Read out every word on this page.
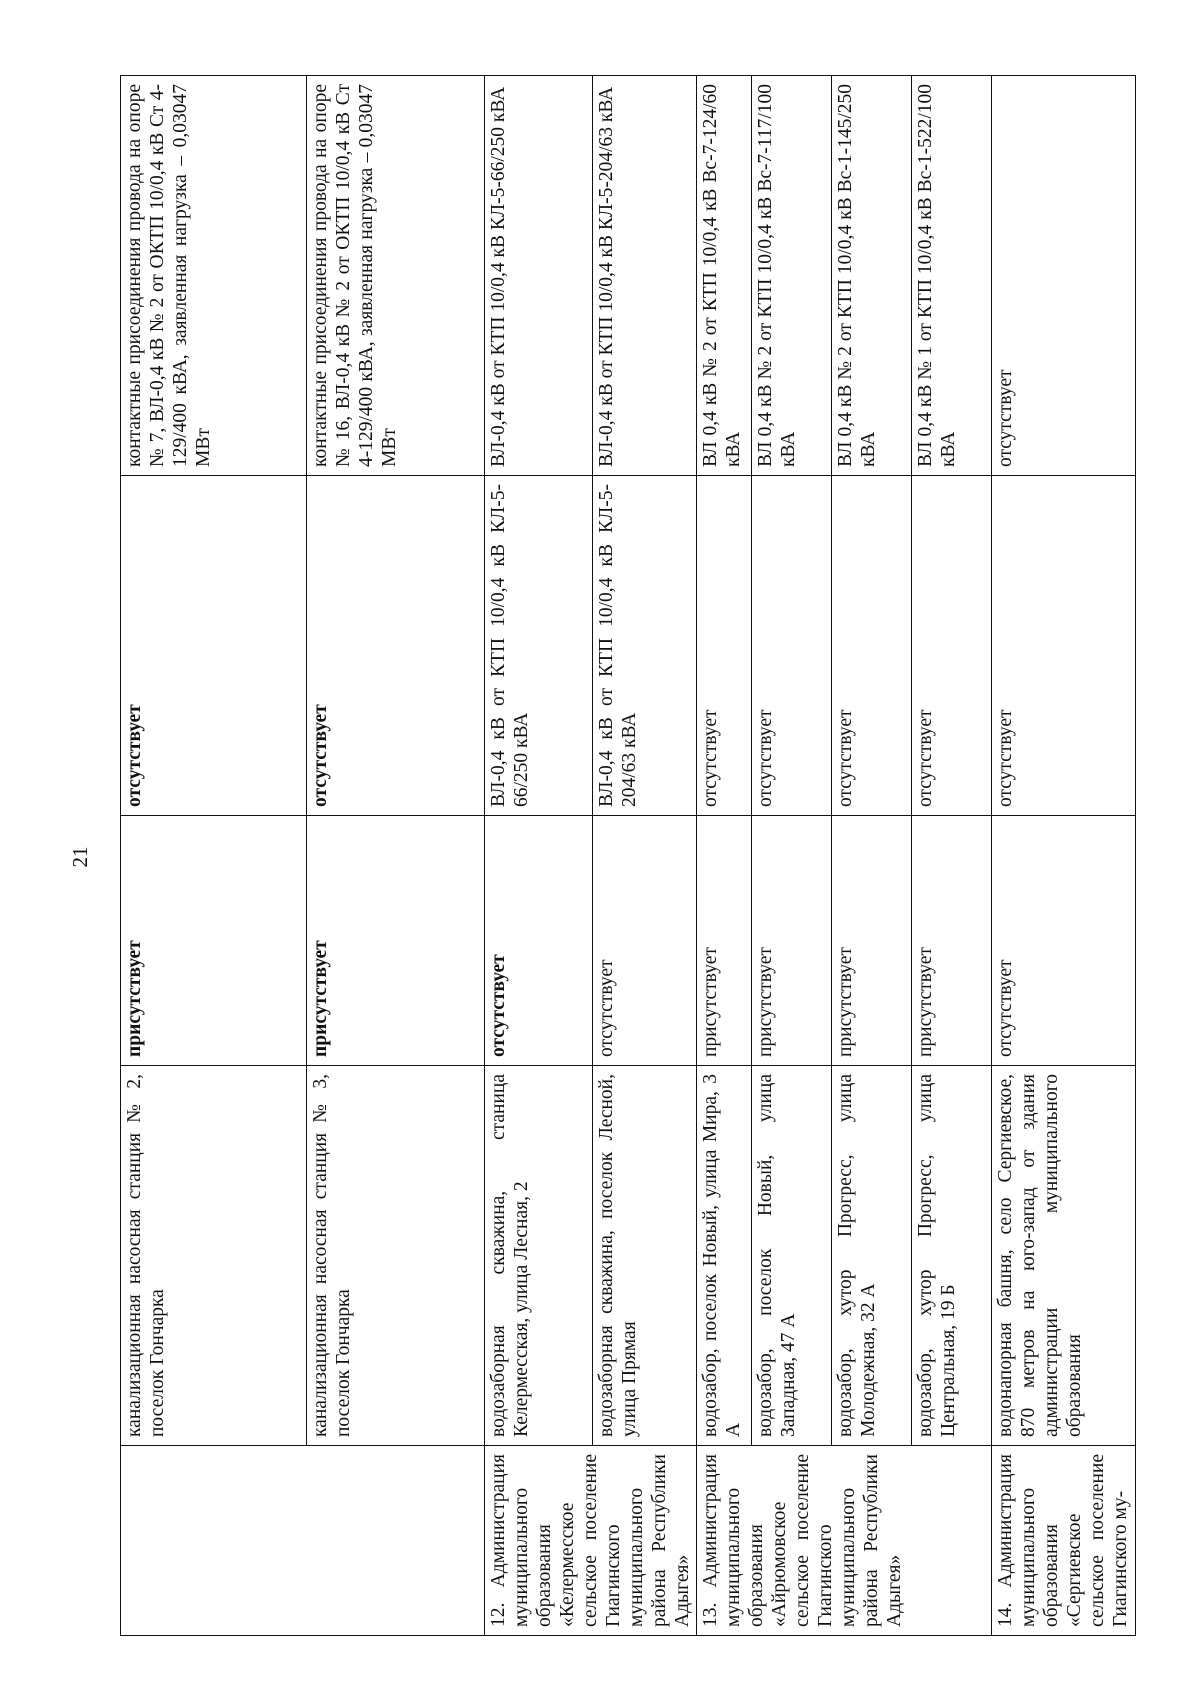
21
	канализационная насосная станция № 2, поселок Гончарка	присутствует	отсутствует	контактные присоединения провода на опоре № 7, ВЛ-0,4 кВ № 2 от ОКТП 10/0,4 кВ Ст 4-129/400 кВА, заявленная нагрузка – 0,03047 МВт
	канализационная насосная станция № 3, поселок Гончарка	присутствует	отсутствует	контактные присоединения провода на опоре № 16, ВЛ-0,4 кВ № 2 от ОКТП 10/0,4 кВ Ст 4-129/400 кВА, заявленная нагрузка – 0,03047 МВт
12. Администрация муниципального образования «Келермесское сельское поселение Гиагинского муниципального района Республики Адыгея»	водозаборная скважина, станица Келермесская, улица Лесная, 2	отсутствует	ВЛ-0,4 кВ от КТП 10/0,4 кВ КЛ-5-66/250 кВА	ВЛ-0,4 кВ от КТП 10/0,4 кВ КЛ-5-66/250 кВА
	водозаборная скважина, поселок Лесной, улица Прямая	отсутствует	ВЛ-0,4 кВ от КТП 10/0,4 кВ КЛ-5-204/63 кВА	ВЛ-0,4 кВ от КТП 10/0,4 кВ КЛ-5-204/63 кВА
13. Администрация муниципального образования «Айрюмовское сельское поселение Гиагинского муниципального района Республики Адыгея»	водозабор, поселок Новый, улица Мира, 3 А	присутствует	отсутствует	ВЛ 0,4 кВ № 2 от КТП 10/0,4 кВ Вс-7-124/60 кВА
	водозабор, поселок Новый, улица Западная, 47 А	присутствует	отсутствует	ВЛ 0,4 кВ № 2 от КТП 10/0,4 кВ Вс-7-117/100 кВА
	водозабор, хутор Прогресс, улица Молодежная, 32 А	присутствует	отсутствует	ВЛ 0,4 кВ № 2 от КТП 10/0,4 кВ Вс-1-145/250 кВА
	водозабор, хутор Прогресс, улица Центральная, 19 Б	присутствует	отсутствует	ВЛ 0,4 кВ № 1 от КТП 10/0,4 кВ Вс-1-522/100 кВА
14. Администрация муниципального образования «Сергиевское сельское поселение Гиагинского му-	водонапорная башня, село Сергиевское, 870 метров на юго-запад от здания администрации муниципального образования	отсутствует	отсутствует	отсутствует
